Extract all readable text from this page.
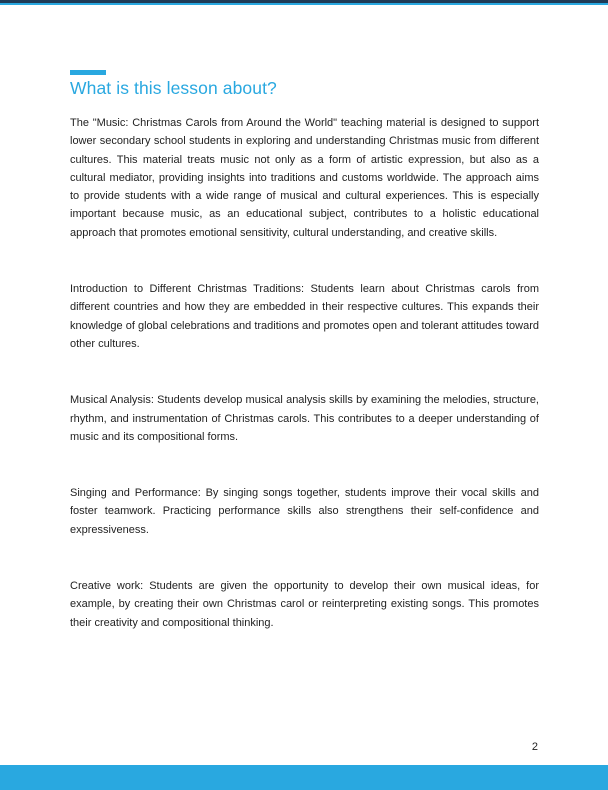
What is this lesson about?

The "Music: Christmas Carols from Around the World" teaching material is designed to support lower secondary school students in exploring and understanding Christmas music from different cultures. This material treats music not only as a form of artistic expression, but also as a cultural mediator, providing insights into traditions and customs worldwide. The approach aims to provide students with a wide range of musical and cultural experiences. This is especially important because music, as an educational subject, contributes to a holistic educational approach that promotes emotional sensitivity, cultural understanding, and creative skills.

Introduction to Different Christmas Traditions: Students learn about Christmas carols from different countries and how they are embedded in their respective cultures. This expands their knowledge of global celebrations and traditions and promotes open and tolerant attitudes toward other cultures.

Musical Analysis: Students develop musical analysis skills by examining the melodies, structure, rhythm, and instrumentation of Christmas carols. This contributes to a deeper understanding of music and its compositional forms.

Singing and Performance: By singing songs together, students improve their vocal skills and foster teamwork. Practicing performance skills also strengthens their self-confidence and expressiveness.

Creative work: Students are given the opportunity to develop their own musical ideas, for example, by creating their own Christmas carol or reinterpreting existing songs. This promotes their creativity and compositional thinking.

2
